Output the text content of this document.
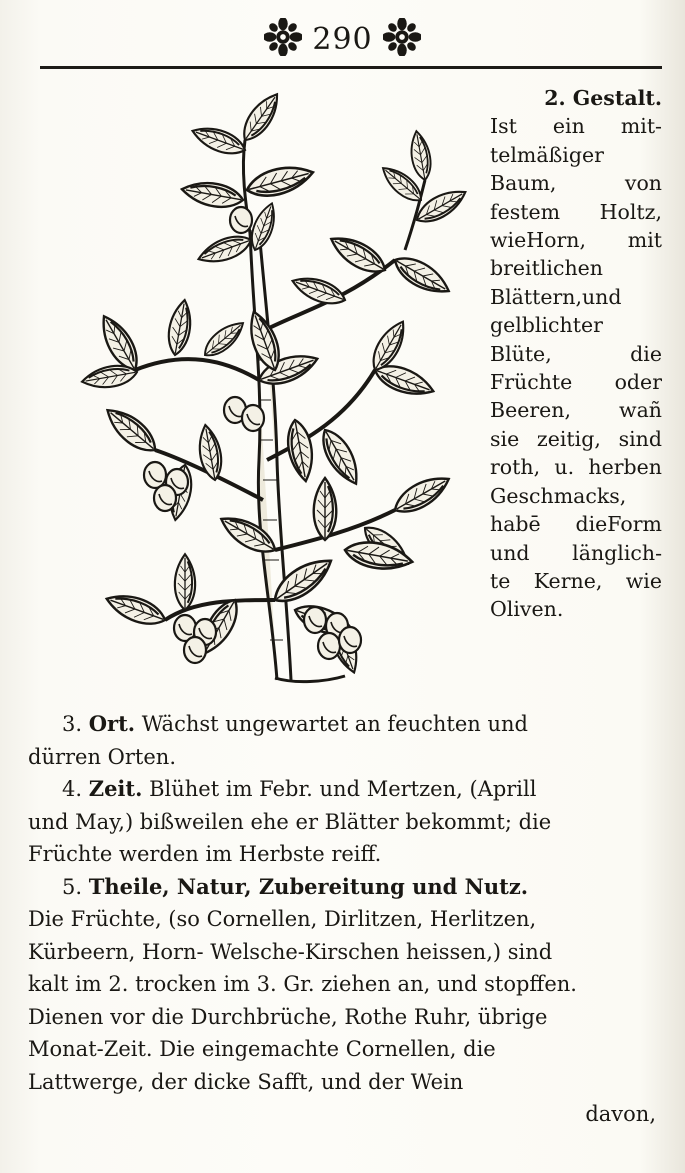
290
2. Gestalt.
Ist ein mit-
telmäßiger
Baum, von
festem Holtz,
wieHorn, mit
breitlichen
Blättern,und
gelblichter
Blüte, die
Früchte oder
Beeren, wañ
sie zeitig, sind
roth, u. herben
Geschmacks,
habē dieForm
und länglich-
te Kerne, wie
Oliven.
3. Ort. Wächst ungewartet an feuchten und
dürren Orten.
4. Zeit. Blühet im Febr. und Mertzen, (Aprill
und May,) bißweilen ehe er Blätter bekommt; die
Früchte werden im Herbste reiff.
5. Theile, Natur, Zubereitung und Nutz.
Die Früchte, (so Cornellen, Dirlitzen, Herlitzen,
Kürbeern, Horn- Welsche-Kirschen heissen,) sind
kalt im 2. trocken im 3. Gr. ziehen an, und stopffen.
Dienen vor die Durchbrüche, Rothe Ruhr, übrige
Monat-Zeit. Die eingemachte Cornellen, die
Lattwerge, der dicke Safft, und der Wein
davon,
